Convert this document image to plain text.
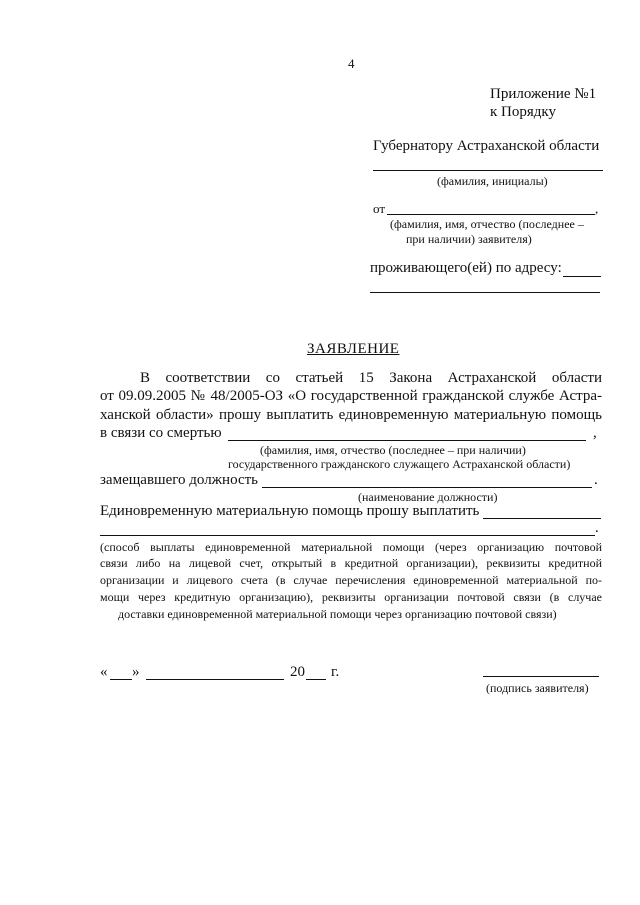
4
Приложение №1
к Порядку
Губернатору Астраханской области
(фамилия, инициалы)
от	,
(фамилия, имя, отчество (последнее –
при наличии) заявителя)
проживающего(ей) по адресу:
ЗАЯВЛЕНИЕ
В соответствии со статьей 15 Закона Астраханской области
от 09.09.2005 № 48/2005-ОЗ «О государственной гражданской службе Астра-
ханской области» прошу выплатить единовременную материальную помощь
в связи со смертью	,
(фамилия, имя, отчество (последнее – при наличии)
государственного гражданского служащего Астраханской области)
замещавшего должность	.
(наименование должности)
Единовременную материальную помощь прошу выплатить
.
(способ выплаты единовременной материальной помощи (через организацию почтовой
связи либо на лицевой счет, открытый в кредитной организации), реквизиты кредитной
организации и лицевого счета (в случае перечисления единовременной материальной по-
мощи через кредитную организацию), реквизиты организации почтовой связи (в случае
доставки единовременной материальной помощи через организацию почтовой связи)
« »	20 г.
(подпись заявителя)
